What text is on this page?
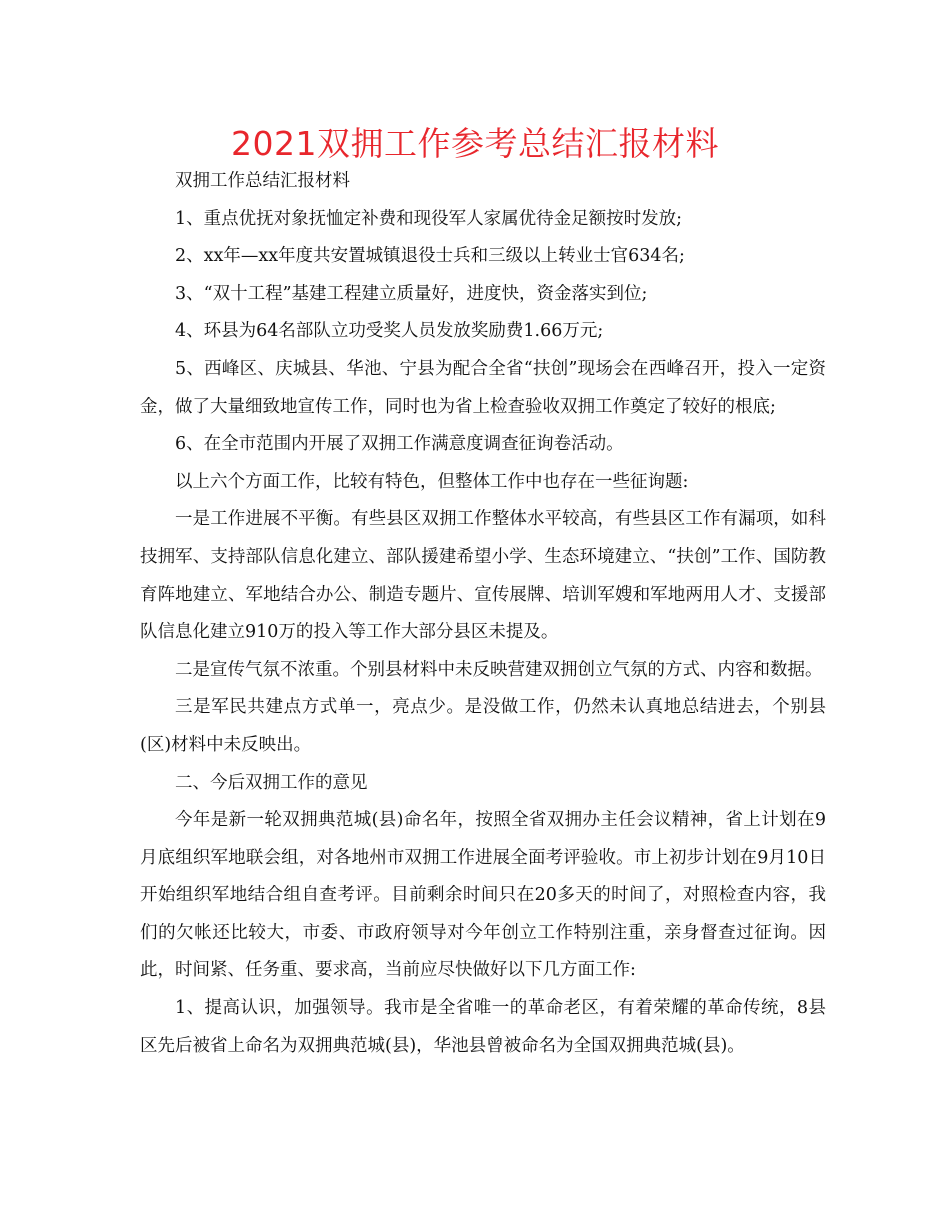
2021双拥工作参考总结汇报材料

双拥工作总结汇报材料

1、重点优抚对象抚恤定补费和现役军人家属优待金足额按时发放;

2、xx年—xx年度共安置城镇退役士兵和三级以上转业士官634名;

3、“双十工程”基建工程建立质量好，进度快，资金落实到位;

4、环县为64名部队立功受奖人员发放奖励费1.66万元;

5、西峰区、庆城县、华池、宁县为配合全省“扶创”现场会在西峰召开，投入一定资金，做了大量细致地宣传工作，同时也为省上检查验收双拥工作奠定了较好的根底;

6、在全市范围内开展了双拥工作满意度调查征询卷活动。

以上六个方面工作，比较有特色，但整体工作中也存在一些征询题:

一是工作进展不平衡。有些县区双拥工作整体水平较高，有些县区工作有漏项，如科技拥军、支持部队信息化建立、部队援建希望小学、生态环境建立、“扶创”工作、国防教育阵地建立、军地结合办公、制造专题片、宣传展牌、培训军嫂和军地两用人才、支援部队信息化建立910万的投入等工作大部分县区未提及。

二是宣传气氛不浓重。个别县材料中未反映营建双拥创立气氛的方式、内容和数据。

三是军民共建点方式单一，亮点少。是没做工作，仍然未认真地总结进去，个别县(区)材料中未反映出。

二、今后双拥工作的意见

今年是新一轮双拥典范城(县)命名年，按照全省双拥办主任会议精神，省上计划在9月底组织军地联会组，对各地州市双拥工作进展全面考评验收。市上初步计划在9月10日开始组织军地结合组自查考评。目前剩余时间只在20多天的时间了，对照检查内容，我们的欠帐还比较大，市委、市政府领导对今年创立工作特别注重，亲身督查过征询。因此，时间紧、任务重、要求高，当前应尽快做好以下几方面工作:

1、提高认识，加强领导。我市是全省唯一的革命老区，有着荣耀的革命传统，8县区先后被省上命名为双拥典范城(县)，华池县曾被命名为全国双拥典范城(县)。
